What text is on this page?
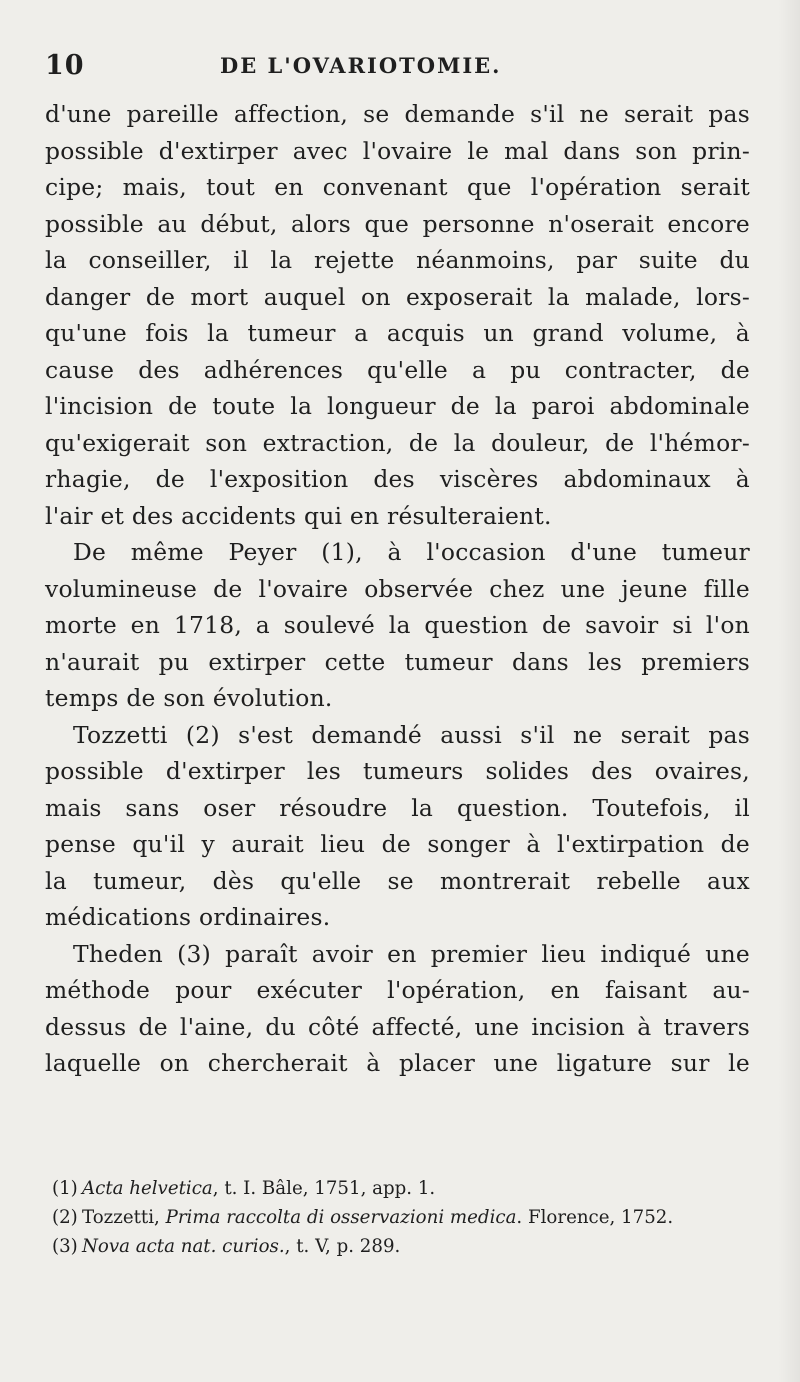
10	DE L'OVARIOTOMIE.
d'une pareille affection, se demande s'il ne serait pas
possible d'extirper avec l'ovaire le mal dans son prin-
cipe; mais, tout en convenant que l'opération serait
possible au début, alors que personne n'oserait encore
la conseiller, il la rejette néanmoins, par suite du
danger de mort auquel on exposerait la malade, lors-
qu'une fois la tumeur a acquis un grand volume, à
cause des adhérences qu'elle a pu contracter, de
l'incision de toute la longueur de la paroi abdominale
qu'exigerait son extraction, de la douleur, de l'hémor-
rhagie, de l'exposition des viscères abdominaux à
l'air et des accidents qui en résulteraient.
De même Peyer (1), à l'occasion d'une tumeur
volumineuse de l'ovaire observée chez une jeune fille
morte en 1718, a soulevé la question de savoir si l'on
n'aurait pu extirper cette tumeur dans les premiers
temps de son évolution.
Tozzetti (2) s'est demandé aussi s'il ne serait pas
possible d'extirper les tumeurs solides des ovaires,
mais sans oser résoudre la question. Toutefois, il
pense qu'il y aurait lieu de songer à l'extirpation de
la tumeur, dès qu'elle se montrerait rebelle aux
médications ordinaires.
Theden (3) paraît avoir en premier lieu indiqué une
méthode pour exécuter l'opération, en faisant au-
dessus de l'aine, du côté affecté, une incision à travers
laquelle on chercherait à placer une ligature sur le
(1) Acta helvetica, t. I. Bâle, 1751, app. 1.
(2) Tozzetti, Prima raccolta di osservazioni medica. Florence, 1752.
(3) Nova acta nat. curios., t. V, p. 289.
